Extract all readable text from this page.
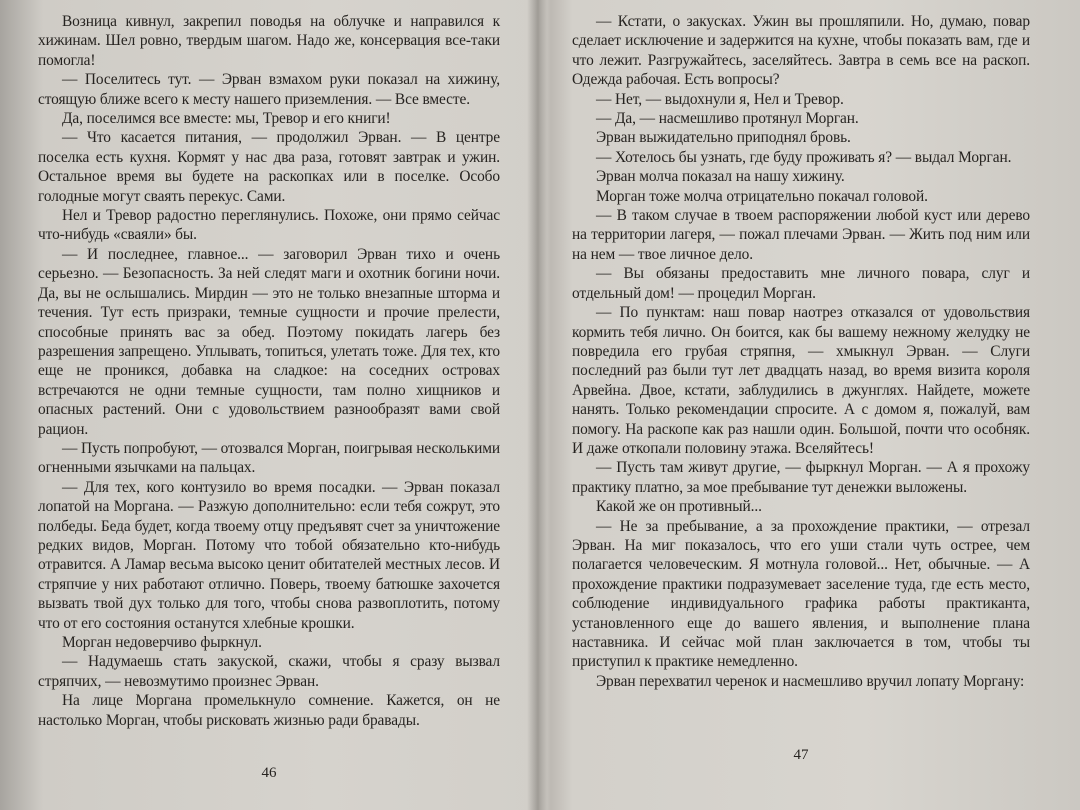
Возница кивнул, закрепил поводья на облучке и направился к хижинам. Шел ровно, твердым шагом. Надо же, консервация все-таки помогла!

— Поселитесь тут. — Эрван взмахом руки показал на хижину, стоящую ближе всего к месту нашего приземления. — Все вместе.

Да, поселимся все вместе: мы, Тревор и его книги!

— Что касается питания, — продолжил Эрван. — В центре поселка есть кухня. Кормят у нас два раза, готовят завтрак и ужин. Остальное время вы будете на раскопках или в поселке. Особо голодные могут сваять перекус. Сами.

Нел и Тревор радостно переглянулись. Похоже, они прямо сейчас что-нибудь «сваяли» бы.

— И последнее, главное... — заговорил Эрван тихо и очень серьезно. — Безопасность. За ней следят маги и охотник богини ночи. Да, вы не ослышались. Мирдин — это не только внезапные шторма и течения. Тут есть призраки, темные сущности и прочие прелести, способные принять вас за обед. Поэтому покидать лагерь без разрешения запрещено. Уплывать, топиться, улетать тоже. Для тех, кто еще не проникся, добавка на сладкое: на соседних островах встречаются не одни темные сущности, там полно хищников и опасных растений. Они с удовольствием разнообразят вами свой рацион.

— Пусть попробуют, — отозвался Морган, поигрывая несколькими огненными язычками на пальцах.

— Для тех, кого контузило во время посадки. — Эрван показал лопатой на Моргана. — Разжую дополнительно: если тебя сожрут, это полбеды. Беда будет, когда твоему отцу предъявят счет за уничтожение редких видов, Морган. Потому что тобой обязательно кто-нибудь отравится. А Ламар весьма высоко ценит обитателей местных лесов. И стряпчие у них работают отлично. Поверь, твоему батюшке захочется вызвать твой дух только для того, чтобы снова развоплотить, потому что от его состояния останутся хлебные крошки.

Морган недоверчиво фыркнул.

— Надумаешь стать закуской, скажи, чтобы я сразу вызвал стряпчих, — невозмутимо произнес Эрван.

На лице Моргана промелькнуло сомнение. Кажется, он не настолько Морган, чтобы рисковать жизнью ради бравады.

46

— Кстати, о закусках. Ужин вы прошляпили. Но, думаю, повар сделает исключение и задержится на кухне, чтобы показать вам, где и что лежит. Разгружайтесь, заселяйтесь. Завтра в семь все на раскоп. Одежда рабочая. Есть вопросы?

— Нет, — выдохнули я, Нел и Тревор.

— Да, — насмешливо протянул Морган.

Эрван выжидательно приподнял бровь.

— Хотелось бы узнать, где буду проживать я? — выдал Морган.

Эрван молча показал на нашу хижину.

Морган тоже молча отрицательно покачал головой.

— В таком случае в твоем распоряжении любой куст или дерево на территории лагеря, — пожал плечами Эрван. — Жить под ним или на нем — твое личное дело.

— Вы обязаны предоставить мне личного повара, слуг и отдельный дом! — процедил Морган.

— По пунктам: наш повар наотрез отказался от удовольствия кормить тебя лично. Он боится, как бы вашему нежному желудку не повредила его грубая стряпня, — хмыкнул Эрван. — Слуги последний раз были тут лет двадцать назад, во время визита короля Арвейна. Двое, кстати, заблудились в джунглях. Найдете, можете нанять. Только рекомендации спросите. А с домом я, пожалуй, вам помогу. На раскопе как раз нашли один. Большой, почти что особняк. И даже откопали половину этажа. Вселяйтесь!

— Пусть там живут другие, — фыркнул Морган. — А я прохожу практику платно, за мое пребывание тут денежки выложены.

Какой же он противный...

— Не за пребывание, а за прохождение практики, — отрезал Эрван. На миг показалось, что его уши стали чуть острее, чем полагается человеческим. Я мотнула головой... Нет, обычные. — А прохождение практики подразумевает заселение туда, где есть место, соблюдение индивидуального графика работы практиканта, установленного еще до вашего явления, и выполнение плана наставника. И сейчас мой план заключается в том, чтобы ты приступил к практике немедленно.

Эрван перехватил черенок и насмешливо вручил лопату Моргану:

47
